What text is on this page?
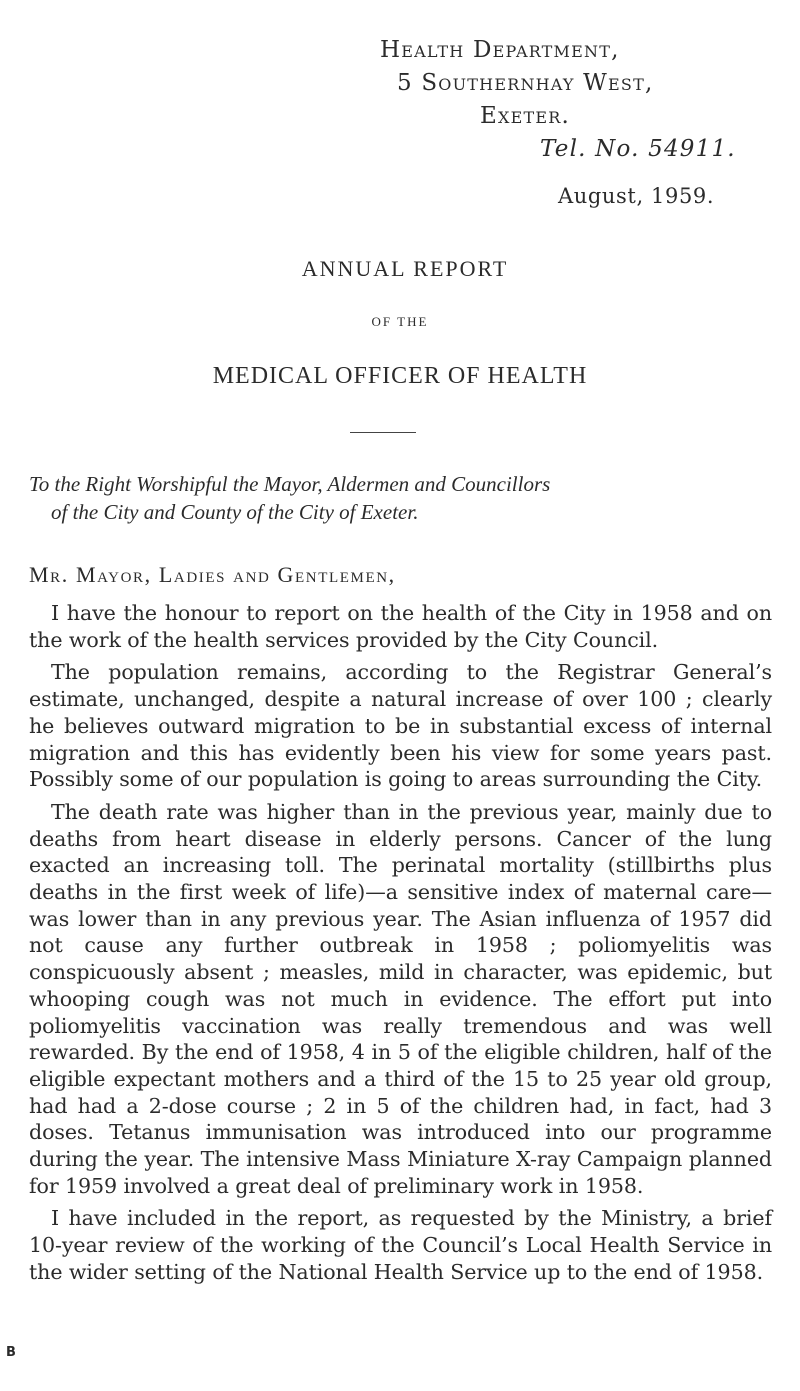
Health Department,
5 Southernhay West,
Exeter.
Tel. No. 54911.
August, 1959.
ANNUAL REPORT
OF THE
MEDICAL OFFICER OF HEALTH
To the Right Worshipful the Mayor, Aldermen and Councillors
of the City and County of the City of Exeter.
Mr. Mayor, Ladies and Gentlemen,

I have the honour to report on the health of the City in 1958 and on the work of the health services provided by the City Council.

The population remains, according to the Registrar General’s estimate, unchanged, despite a natural increase of over 100 ; clearly he believes outward migration to be in substantial excess of internal migration and this has evidently been his view for some years past. Possibly some of our population is going to areas surrounding the City.

The death rate was higher than in the previous year, mainly due to deaths from heart disease in elderly persons. Cancer of the lung exacted an increasing toll. The perinatal mortality (stillbirths plus deaths in the first week of life)—a sensitive index of maternal care—was lower than in any previous year. The Asian influenza of 1957 did not cause any further outbreak in 1958 ; poliomyelitis was conspicuously absent ; measles, mild in character, was epidemic, but whooping cough was not much in evidence. The effort put into poliomyelitis vaccination was really tremendous and was well rewarded. By the end of 1958, 4 in 5 of the eligible children, half of the eligible expectant mothers and a third of the 15 to 25 year old group, had had a 2-dose course ; 2 in 5 of the children had, in fact, had 3 doses. Tetanus immunisation was introduced into our programme during the year. The intensive Mass Miniature X-ray Campaign planned for 1959 involved a great deal of preliminary work in 1958.

I have included in the report, as requested by the Ministry, a brief 10-year review of the working of the Council’s Local Health Service in the wider setting of the National Health Service up to the end of 1958.

B
